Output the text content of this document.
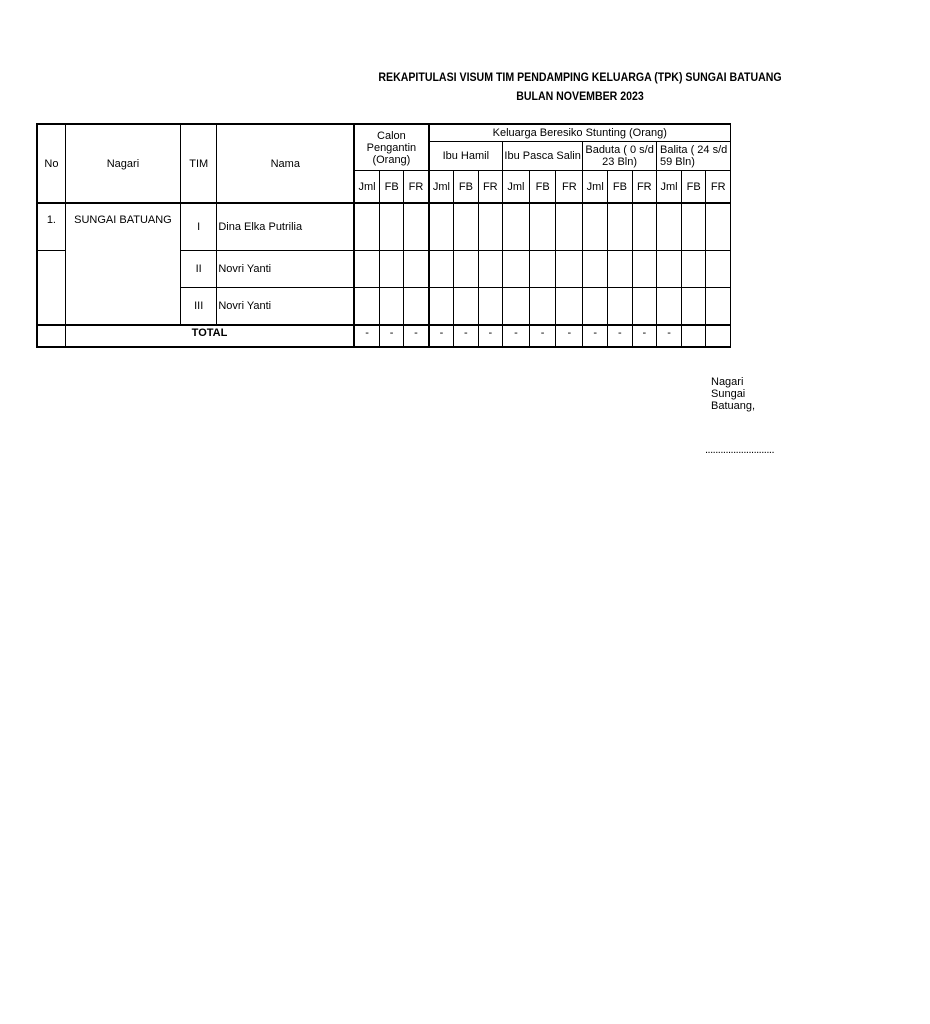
REKAPITULASI VISUM TIM PENDAMPING KELUARGA (TPK) SUNGAI BATUANG
BULAN NOVEMBER 2023
No	Nagari	TIM	Nama	Calon Pengantin (Orang)			Keluarga Beresiko Stunting (Orang)											
							Ibu Hamil			Ibu Pasca Salin			Baduta ( 0 s/d 23 Bln)			Balita ( 24 s/d 59 Bln)		
				Jml	FB	FR	Jml	FB	FR	Jml	FB	FR	Jml	FB	FR	Jml	FB	FR
1.	SUNGAI BATUANG	I	Dina Elka Putrilia															
		II	Novri Yanti															
		III	Novri Yanti															
	TOTAL			-	-	-	-	-	-	-	-	-	-	-	-	-		
Nagari Sungai Batuang,
...........................
